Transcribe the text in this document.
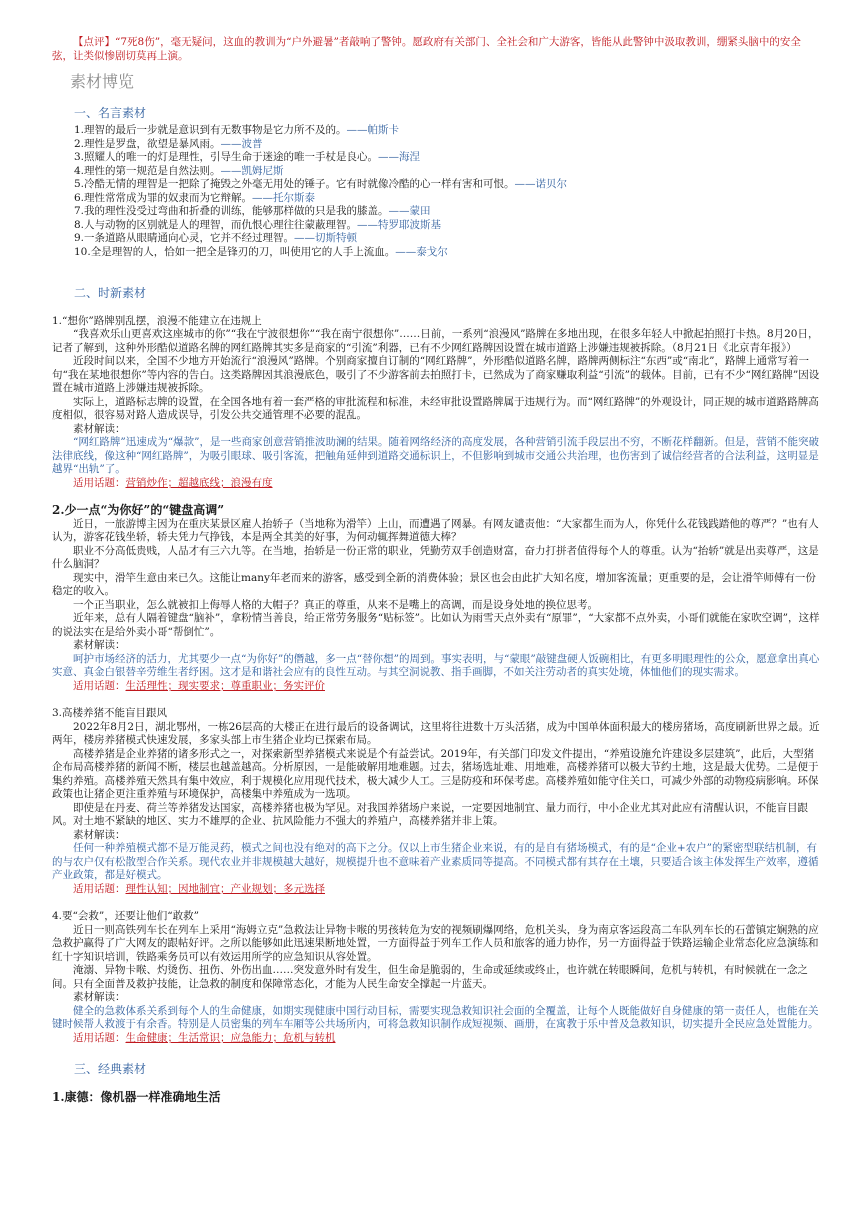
【点评】“7死8伤”，毫无疑问，这血的教训为“户外避暑”者敲响了警钟。愿政府有关部门、全社会和广大游客，皆能从此警钟中汲取教训，绷紧头脑中的安全弦，让类似惨剧切莫再上演。

素材博览
一、名言素材

1.理智的最后一步就是意识到有无数事物是它力所不及的。——帕斯卡

2.理性是罗盘，欲望是暴风雨。——波普

3.照耀人的唯一的灯是理性，引导生命于迷途的唯一手杖是良心。——海涅

4.理性的第一规范是自然法则。——凯姆尼斯

5.冷酷无情的理智是一把除了掩毁之外毫无用处的锤子。它有时就像冷酷的心一样有害和可恨。——诺贝尔

6.理性常常成为罪的奴隶而为它辩解。——托尔斯泰

7.我的理性没受过弯曲和折叠的训练，能够那样做的只是我的膝盖。——蒙田

8.人与动物的区别就是人的理智，而仇恨心理往往蒙蔽理智。——特罗耶波斯基

9.一条道路从眼睛通向心灵，它并不经过理智。——切斯特顿

10.全是理智的人，恰如一把全是锋刃的刀，叫使用它的人手上流血。——泰戈尔

二、时新素材

1.“想你”路牌别乱摆，浪漫不能建立在违规上

“我喜欢乐山更喜欢这座城市的你”“我在宁波很想你”“我在南宁很想你”……日前，一系列“浪漫风”路牌在多地出现，在很多年轻人中掀起拍照打卡热。8月20日，记者了解到，这种外形酷似道路名牌的网红路牌其实多是商家的“引流”利器，已有不少网红路牌因设置在城市道路上涉嫌违规被拆除。（8月21日《北京青年报》）

近段时间以来，全国不少地方开始流行“浪漫风”路牌。个别商家擅自订制的“网红路牌”，外形酷似道路名牌，路牌两侧标注“东西”或“南北”，路牌上通常写着一句“我在某地很想你”等内容的告白。这类路牌因其浪漫底色，吸引了不少游客前去拍照打卡，已然成为了商家赚取利益“引流”的载体。目前，已有不少“网红路牌”因设置在城市道路上涉嫌违规被拆除。

实际上，道路标志牌的设置，在全国各地有着一套严格的审批流程和标准，未经审批设置路牌属于违规行为。而“网红路牌”的外观设计，同正规的城市道路路牌高度相似，很容易对路人造成误导，引发公共交通管理不必要的混乱。

素材解读：

“网红路牌”迅速成为“爆款”，是一些商家创意营销推波助澜的结果。随着网络经济的高度发展，各种营销引流手段层出不穷，不断花样翻新。但是，营销不能突破法律底线，像这种“网红路牌”，为吸引眼球、吸引客流，把触角延伸到道路交通标识上，不但影响到城市交通公共治理，也伤害到了诚信经营者的合法利益，这明显是越界“出轨”了。

适用话题：营销炒作；超越底线；浪漫有度

2.少一点“为你好”的“键盘高调”

近日，一旅游博主因为在重庆某景区雇人抬轿子（当地称为滑竿）上山，而遭遇了网暴。有网友谴责他：“大家都生而为人，你凭什么花钱践踏他的尊严？”也有人认为，游客花钱坐轿，轿夫凭力气挣钱，本是两全其美的好事，为何动辄挥舞道德大棒？

职业不分高低贵贱，人品才有三六九等。在当地，抬轿是一份正常的职业，凭勤劳双手创造财富，奋力打拼者值得每个人的尊重。认为“抬轿”就是出卖尊严，这是什么脑洞？

现实中，滑竿生意由来已久。这能让many年老而来的游客，感受到全新的消费体验；景区也会由此扩大知名度，增加客流量；更重要的是，会让滑竿师傅有一份稳定的收入。

一个正当职业，怎么就被扣上侮辱人格的大帽子？真正的尊重，从来不是嘴上的高调，而是设身处地的换位思考。

近年来，总有人隔着键盘“脑补”，拿粉情当善良，给正常劳务服务“贴标签”。比如认为雨雪天点外卖有“原罪”，“大家都不点外卖，小哥们就能在家吹空调”，这样的说法实在是给外卖小哥“帮倒忙”。

素材解读：

呵护市场经济的活力，尤其要少一点“为你好”的僭越，多一点“替你想”的周到。事实表明，与“蒙眼”敲键盘硬人饭碗相比，有更多明眼理性的公众，愿意拿出真心实意、真金白银替辛劳维生者纾困。这才是和谐社会应有的良性互动。与其空洞说教、指手画脚，不如关注劳动者的真实处境，体恤他们的现实需求。

适用话题：生活理性；现实要求；尊重职业；务实评价

3.高楼养猪不能盲目跟风

2022年8月2日，湖北鄂州，一栋26层高的大楼正在进行最后的设备调试，这里将往进数十万头活猪，成为中国单体面积最大的楼房猪场，高度刷新世界之最。近两年，楼房养猪模式快速发展，多家头部上市生猪企业均已探索布局。

高楼养猪是企业养猪的诸多形式之一，对探索新型养猪模式来说是个有益尝试。2019年，有关部门印发文件提出，“养殖设施允许建设多层建筑”，此后，大型猪企布局高楼养猪的新闻不断，楼层也越盖越高。分析原因，一是能破解用地难题。过去，猪场选址难、用地难，高楼养猪可以极大节约土地，这是最大优势。二是便于集约养殖。高楼养殖天然具有集中效应，利于规模化应用现代技术，极大减少人工。三是防疫和环保考虑。高楼养殖如能守住关口，可减少外部的动物疫病影响。环保政策也让猪企更注重养殖与环境保护，高楼集中养殖成为一选项。

即使是在丹麦、荷兰等养猪发达国家，高楼养猪也极为罕见。对我国养猪场户来说，一定要因地制宜、量力而行，中小企业尤其对此应有清醒认识，不能盲目跟风。对土地不紧缺的地区、实力不雄厚的企业、抗风险能力不强大的养殖户，高楼养猪并非上策。

素材解读：

任何一种养殖模式都不是万能灵药，模式之间也没有绝对的高下之分。仅以上市生猪企业来说，有的是自有猪场模式，有的是“企业+农户”的紧密型联结机制，有的与农户仅有松散型合作关系。现代农业并非规模越大越好，规模提升也不意味着产业素质同等提高。不同模式都有其存在土壤，只要适合该主体发挥生产效率，遵循产业政策，都是好模式。

适用话题：理性认知；因地制宜；产业规划；多元选择

4.要“会救”，还要让他们“敢救”

近日一则高铁列车长在列车上采用“海姆立克”急救法让异物卡喉的男孩转危为安的视频刷爆网络，危机关头，身为南京客运段高二车队列车长的石蕾镇定娴熟的应急救护赢得了广大网友的跟帖好评。之所以能够如此迅速果断地处置，一方面得益于列车工作人员和旅客的通力协作，另一方面得益于铁路运输企业常态化应急演练和红十字知识培训，铁路乘务员可以有效运用所学的应急知识从容处置。

淹溺、异物卡喉、灼烫伤、扭伤、外伤出血……突发意外时有发生，但生命是脆弱的，生命或延续或终止，也许就在转眼瞬间，危机与转机，有时候就在一念之间。只有全面普及救护技能，让急救的制度和保障常态化，才能为人民生命安全撑起一片蓝天。

素材解读：

健全的急救体系关系到每个人的生命健康，如期实现健康中国行动目标，需要实现急救知识社会面的全覆盖，让每个人既能做好自身健康的第一责任人，也能在关键时候帮人救渡于有余香。特别是人员密集的列车车厢等公共场所内，可将急救知识制作成短视频、画册，在寓教于乐中普及急救知识，切实提升全民应急处置能力。

适用话题：生命健康；生活常识；应急能力；危机与转机

三、经典素材

1.康德：像机器一样准确地生活
